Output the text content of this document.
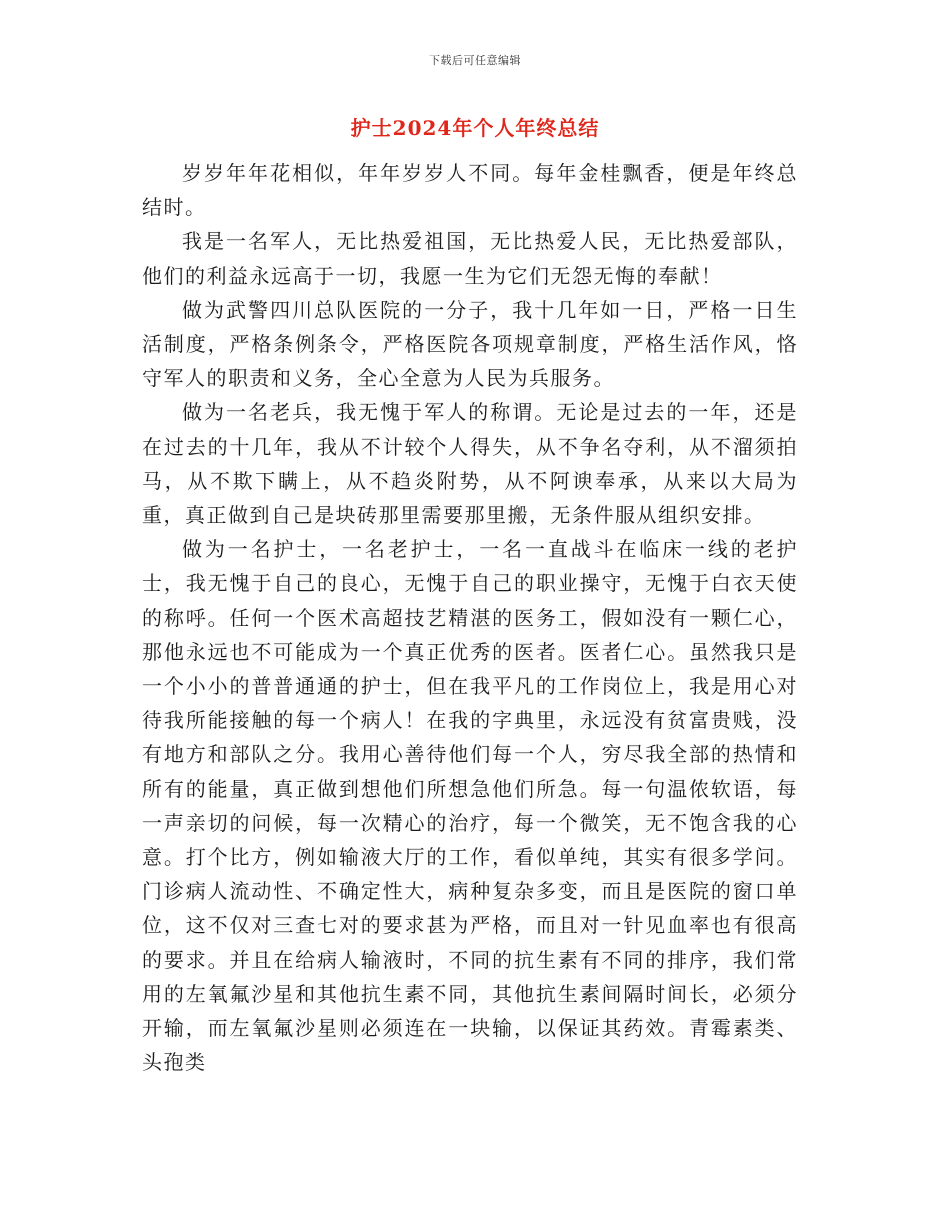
下载后可任意编辑
护士2024年个人年终总结

岁岁年年花相似，年年岁岁人不同。每年金桂飘香，便是年终总结时。

我是一名军人，无比热爱祖国，无比热爱人民，无比热爱部队，他们的利益永远高于一切，我愿一生为它们无怨无悔的奉献！

做为武警四川总队医院的一分子，我十几年如一日，严格一日生活制度，严格条例条令，严格医院各项规章制度，严格生活作风，恪守军人的职责和义务，全心全意为人民为兵服务。

做为一名老兵，我无愧于军人的称谓。无论是过去的一年，还是在过去的十几年，我从不计较个人得失，从不争名夺利，从不溜须拍马，从不欺下瞒上，从不趋炎附势，从不阿谀奉承，从来以大局为重，真正做到自己是块砖那里需要那里搬，无条件服从组织安排。

做为一名护士，一名老护士，一名一直战斗在临床一线的老护士，我无愧于自己的良心，无愧于自己的职业操守，无愧于白衣天使的称呼。任何一个医术高超技艺精湛的医务工，假如没有一颗仁心，那他永远也不可能成为一个真正优秀的医者。医者仁心。虽然我只是一个小小的普普通通的护士，但在我平凡的工作岗位上，我是用心对待我所能接触的每一个病人！在我的字典里，永远没有贫富贵贱，没有地方和部队之分。我用心善待他们每一个人，穷尽我全部的热情和所有的能量，真正做到想他们所想急他们所急。每一句温侬软语，每一声亲切的问候，每一次精心的治疗，每一个微笑，无不饱含我的心意。打个比方，例如输液大厅的工作，看似单纯，其实有很多学问。门诊病人流动性、不确定性大，病种复杂多变，而且是医院的窗口单位，这不仅对三查七对的要求甚为严格，而且对一针见血率也有很高的要求。并且在给病人输液时，不同的抗生素有不同的排序，我们常用的左氧氟沙星和其他抗生素不同，其他抗生素间隔时间长，必须分开输，而左氧氟沙星则必须连在一块输，以保证其药效。青霉素类、头孢类
